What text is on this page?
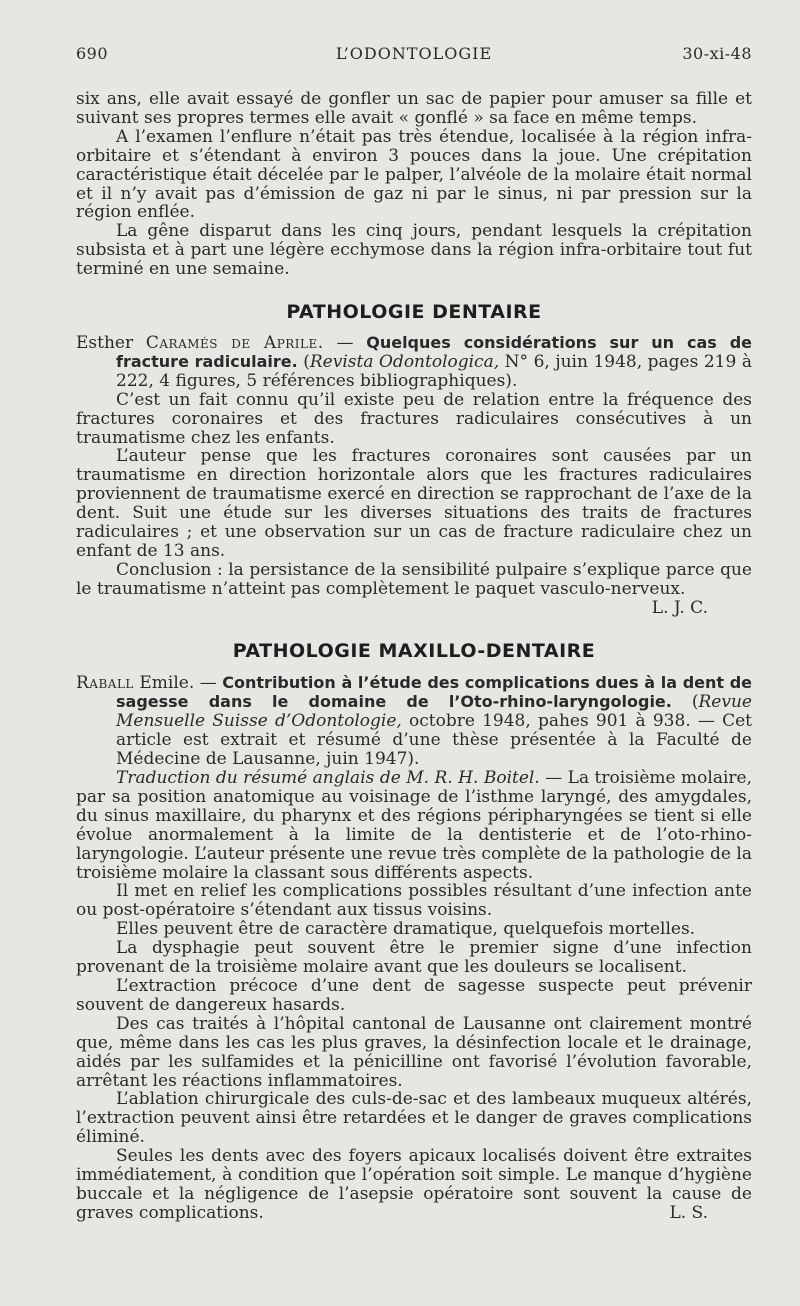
690	L’ODONTOLOGIE	30-xi-48

six ans, elle avait essayé de gonfler un sac de papier pour amuser sa fille et suivant ses propres termes elle avait « gonflé » sa face en même temps.

A l’examen l’enflure n’était pas très étendue, localisée à la région infra-orbitaire et s’étendant à environ 3 pouces dans la joue. Une crépitation caractéristique était décelée par le palper, l’alvéole de la molaire était normal et il n’y avait pas d’émission de gaz ni par le sinus, ni par pression sur la région enflée.

La gêne disparut dans les cinq jours, pendant lesquels la crépitation subsista et à part une légère ecchymose dans la région infra-orbitaire tout fut terminé en une semaine.

PATHOLOGIE DENTAIRE

Esther Caramés de Aprile. — Quelques considérations sur un cas de fracture radiculaire. (Revista Odontologica, N° 6, juin 1948, pages 219 à 222, 4 figures, 5 références bibliographiques).

C’est un fait connu qu’il existe peu de relation entre la fréquence des fractures coronaires et des fractures radiculaires consécutives à un traumatisme chez les enfants.

L’auteur pense que les fractures coronaires sont causées par un traumatisme en direction horizontale alors que les fractures radiculaires proviennent de traumatisme exercé en direction se rapprochant de l’axe de la dent. Suit une étude sur les diverses situations des traits de fractures radiculaires ; et une observation sur un cas de fracture radiculaire chez un enfant de 13 ans.

Conclusion : la persistance de la sensibilité pulpaire s’explique parce que le traumatisme n’atteint pas complètement le paquet vasculo-nerveux.

L. J. C.

PATHOLOGIE MAXILLO-DENTAIRE

Raball Emile. — Contribution à l’étude des complications dues à la dent de sagesse dans le domaine de l’Oto-rhino-laryngologie. (Revue Mensuelle Suisse d’Odontologie, octobre 1948, pahes 901 à 938. — Cet article est extrait et résumé d’une thèse présentée à la Faculté de Médecine de Lausanne, juin 1947).

Traduction du résumé anglais de M. R. H. Boitel. — La troisième molaire, par sa position anatomique au voisinage de l’isthme laryngé, des amygdales, du sinus maxillaire, du pharynx et des régions péripharyngées se tient si elle évolue anormalement à la limite de la dentisterie et de l’oto-rhino-laryngologie. L’auteur présente une revue très complète de la pathologie de la troisième molaire la classant sous différents aspects.

Il met en relief les complications possibles résultant d’une infection ante ou post-opératoire s’étendant aux tissus voisins.

Elles peuvent être de caractère dramatique, quelquefois mortelles.

La dysphagie peut souvent être le premier signe d’une infection provenant de la troisième molaire avant que les douleurs se localisent.

L’extraction précoce d’une dent de sagesse suspecte peut prévenir souvent de dangereux hasards.

Des cas traités à l’hôpital cantonal de Lausanne ont clairement montré que, même dans les cas les plus graves, la désinfection locale et le drainage, aidés par les sulfamides et la pénicilline ont favorisé l’évolution favorable, arrêtant les réactions inflammatoires.

L’ablation chirurgicale des culs-de-sac et des lambeaux muqueux altérés, l’extraction peuvent ainsi être retardées et le danger de graves complications éliminé.

Seules les dents avec des foyers apicaux localisés doivent être extraites immédiatement, à condition que l’opération soit simple. Le manque d’hygiène buccale et la négligence de l’asepsie opératoire sont souvent la cause de graves complications.	L. S.
